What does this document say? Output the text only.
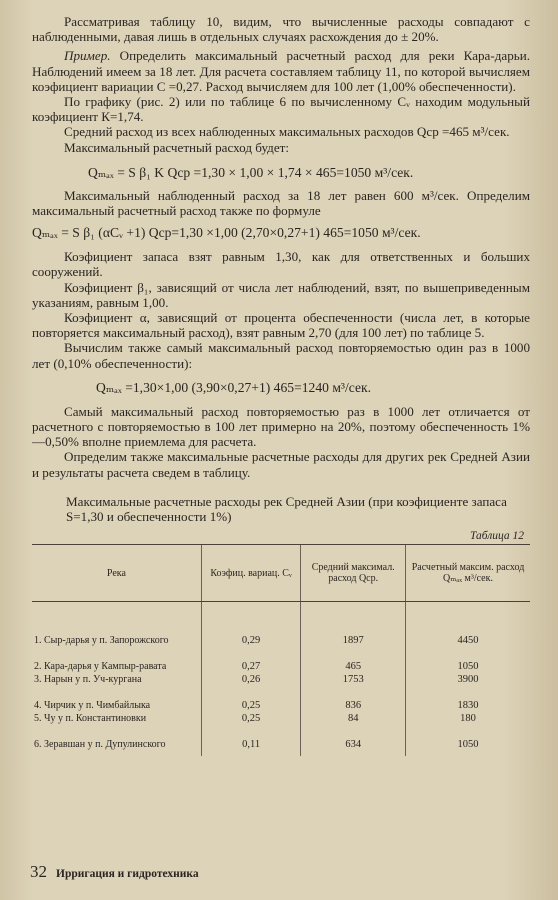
Рассматривая таблицу 10, видим, что вычисленные расходы совпадают с наблюденными, давая лишь в отдельных случаях расхождения до ± 20%.

Пример. Определить максимальный расчетный расход для реки Кара-дарьи. Наблюдений имеем за 18 лет. Для расчета составляем таблицу 11, по которой вычисляем коэфициент вариации C =0,27. Расход вычисляем для 100 лет (1,00% обеспеченности).

По графику (рис. 2) или по таблице 6 по вычисленному Cᵥ находим модульный коэфициент К=1,74.

Средний расход из всех наблюденных максимальных расходов Qср =465 м³/сек.

Максимальный расчетный расход будет:

Qₘₐₓ = S β₁ K Qср =1,30 × 1,00 × 1,74 × 465=1050 м³/сек.

Максимальный наблюденный расход за 18 лет равен 600 м³/сек. Определим максимальный расчетный расход также по формуле

Qₘₐₓ = S β₁ (αCᵥ +1) Qср=1,30 ×1,00 (2,70×0,27+1) 465=1050 м³/сек.

Коэфициент запаса взят равным 1,30, как для ответственных и больших сооружений.

Коэфициент β₁, зависящий от числа лет наблюдений, взят, по вышеприведенным указаниям, равным 1,00.

Коэфициент α, зависящий от процента обеспеченности (числа лет, в которые повторяется максимальный расход), взят равным 2,70 (для 100 лет) по таблице 5.

Вычислим также самый максимальный расход повторяемостью один раз в 1000 лет (0,10% обеспеченности):

Qₘₐₓ =1,30×1,00 (3,90×0,27+1) 465=1240 м³/сек.

Самый максимальный расход повторяемостью раз в 1000 лет отличается от расчетного с повторяемостью в 100 лет примерно на 20%, поэтому обеспеченность 1%—0,50% вполне приемлема для расчета.

Определим также максимальные расчетные расходы для других рек Средней Азии и результаты расчета сведем в таблицу.

Максимальные расчетные расходы рек Средней Азии (при коэфициенте запаса S=1,30 и обеспеченности 1%)

Таблица 12
Река	Коэфиц. вариац. Cᵥ	Средний максимал. расход Qср.	Расчетный максим. расход Qₘₐₓ м³/сек.

1. Сыр-дарья у п. Запорожского	0,29	1897	4450
2. Кара-дарья у Кампыр-равата	0,27	465	1050
3. Нарын у п. Уч-кургана	0,26	1753	3900
4. Чирчик у п. Чимбайлыка	0,25	836	1830
5. Чу у п. Константиновки	0,25	84	180
6. Зеравшан у п. Дупулинского	0,11	634	1050

32 Ирригация и гидротехника
